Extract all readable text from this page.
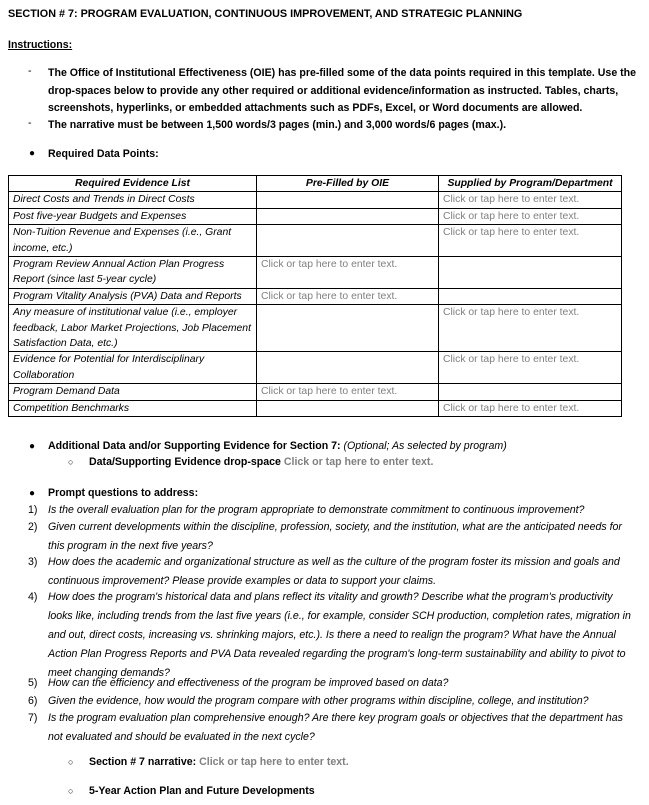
SECTION # 7: PROGRAM EVALUATION, CONTINUOUS IMPROVEMENT, AND STRATEGIC PLANNING
Instructions:
- The Office of Institutional Effectiveness (OIE) has pre-filled some of the data points required in this template. Use the drop-spaces below to provide any other required or additional evidence/information as instructed. Tables, charts, screenshots, hyperlinks, or embedded attachments such as PDFs, Excel, or Word documents are allowed.
- The narrative must be between 1,500 words/3 pages (min.) and 3,000 words/6 pages (max.).
● Required Data Points:
Required Evidence List	Pre-Filled by OIE	Supplied by Program/Department
Direct Costs and Trends in Direct Costs		Click or tap here to enter text.
Post five-year Budgets and Expenses		Click or tap here to enter text.
Non-Tuition Revenue and Expenses (i.e., Grant income, etc.)		Click or tap here to enter text.
Program Review Annual Action Plan Progress Report (since last 5-year cycle)	Click or tap here to enter text.	
Program Vitality Analysis (PVA) Data and Reports	Click or tap here to enter text.	
Any measure of institutional value (i.e., employer feedback, Labor Market Projections, Job Placement Satisfaction Data, etc.)		Click or tap here to enter text.
Evidence for Potential for Interdisciplinary Collaboration		Click or tap here to enter text.
Program Demand Data	Click or tap here to enter text.	
Competition Benchmarks		Click or tap here to enter text.
● Additional Data and/or Supporting Evidence for Section 7: (Optional; As selected by program)
○ Data/Supporting Evidence drop-space Click or tap here to enter text.
● Prompt questions to address:
1) Is the overall evaluation plan for the program appropriate to demonstrate commitment to continuous improvement?
2) Given current developments within the discipline, profession, society, and the institution, what are the anticipated needs for this program in the next five years?
3) How does the academic and organizational structure as well as the culture of the program foster its mission and goals and continuous improvement? Please provide examples or data to support your claims.
4) How does the program's historical data and plans reflect its vitality and growth? Describe what the program's productivity looks like, including trends from the last five years (i.e., for example, consider SCH production, completion rates, migration in and out, direct costs, increasing vs. shrinking majors, etc.). Is there a need to realign the program? What have the Annual Action Plan Progress Reports and PVA Data revealed regarding the program's long-term sustainability and ability to pivot to meet changing demands?
5) How can the efficiency and effectiveness of the program be improved based on data?
6) Given the evidence, how would the program compare with other programs within discipline, college, and institution?
7) Is the program evaluation plan comprehensive enough? Are there key program goals or objectives that the department has not evaluated and should be evaluated in the next cycle?
○ Section # 7 narrative: Click or tap here to enter text.
○ 5-Year Action Plan and Future Developments
